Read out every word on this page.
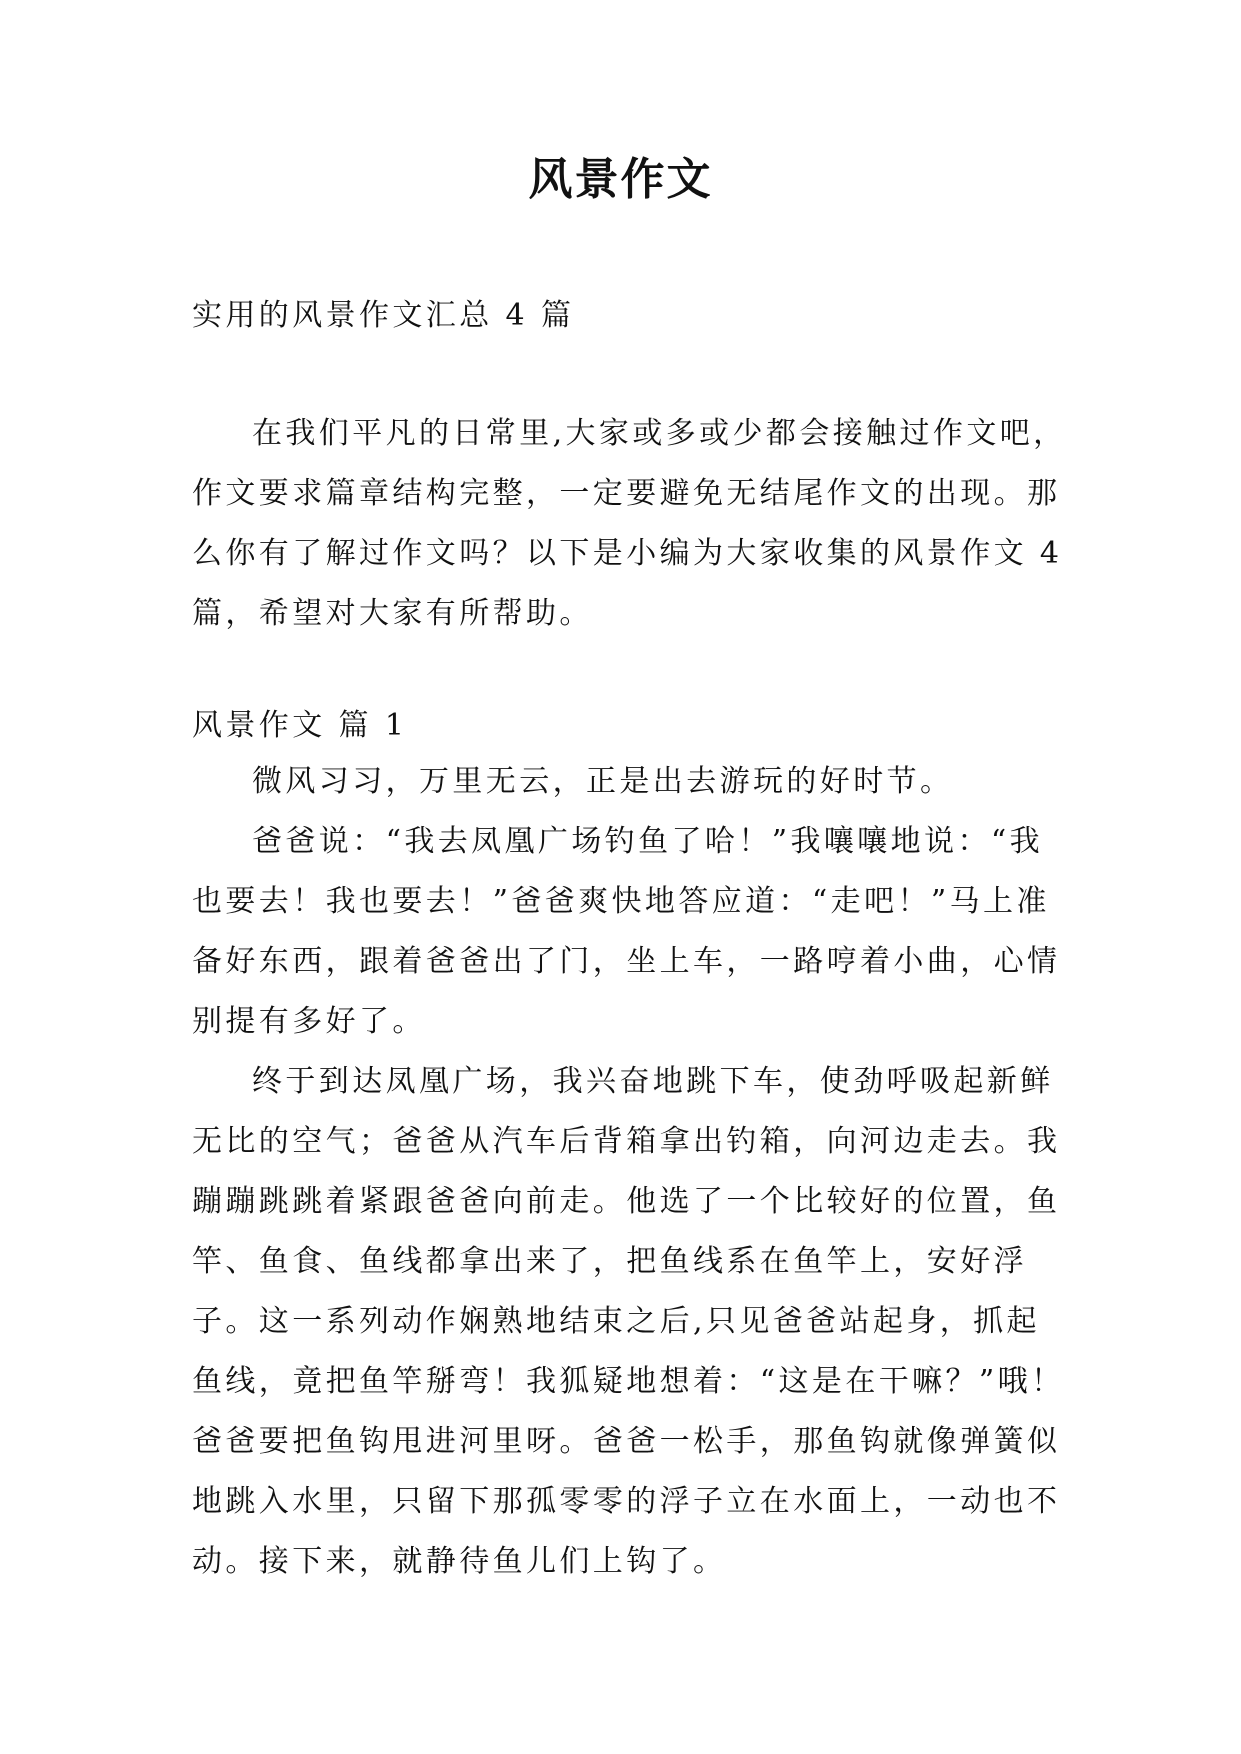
风景作文

实用的风景作文汇总 4 篇

在我们平凡的日常里,大家或多或少都会接触过作文吧，作文要求篇章结构完整，一定要避免无结尾作文的出现。那么你有了解过作文吗？以下是小编为大家收集的风景作文 4 篇，希望对大家有所帮助。

风景作文 篇 1

微风习习，万里无云，正是出去游玩的好时节。

爸爸说：“我去凤凰广场钓鱼了哈！”我嚷嚷地说：“我也要去！我也要去！”爸爸爽快地答应道：“走吧！”马上准备好东西，跟着爸爸出了门，坐上车，一路哼着小曲，心情别提有多好了。

终于到达凤凰广场，我兴奋地跳下车，使劲呼吸起新鲜无比的空气；爸爸从汽车后背箱拿出钓箱，向河边走去。我蹦蹦跳跳着紧跟爸爸向前走。他选了一个比较好的位置，鱼竿、鱼食、鱼线都拿出来了，把鱼线系在鱼竿上，安好浮子。这一系列动作娴熟地结束之后,只见爸爸站起身，抓起鱼线，竟把鱼竿掰弯！我狐疑地想着：“这是在干嘛？”哦！爸爸要把鱼钩甩进河里呀。爸爸一松手，那鱼钩就像弹簧似地跳入水里，只留下那孤零零的浮子立在水面上，一动也不动。接下来，就静待鱼儿们上钩了。
